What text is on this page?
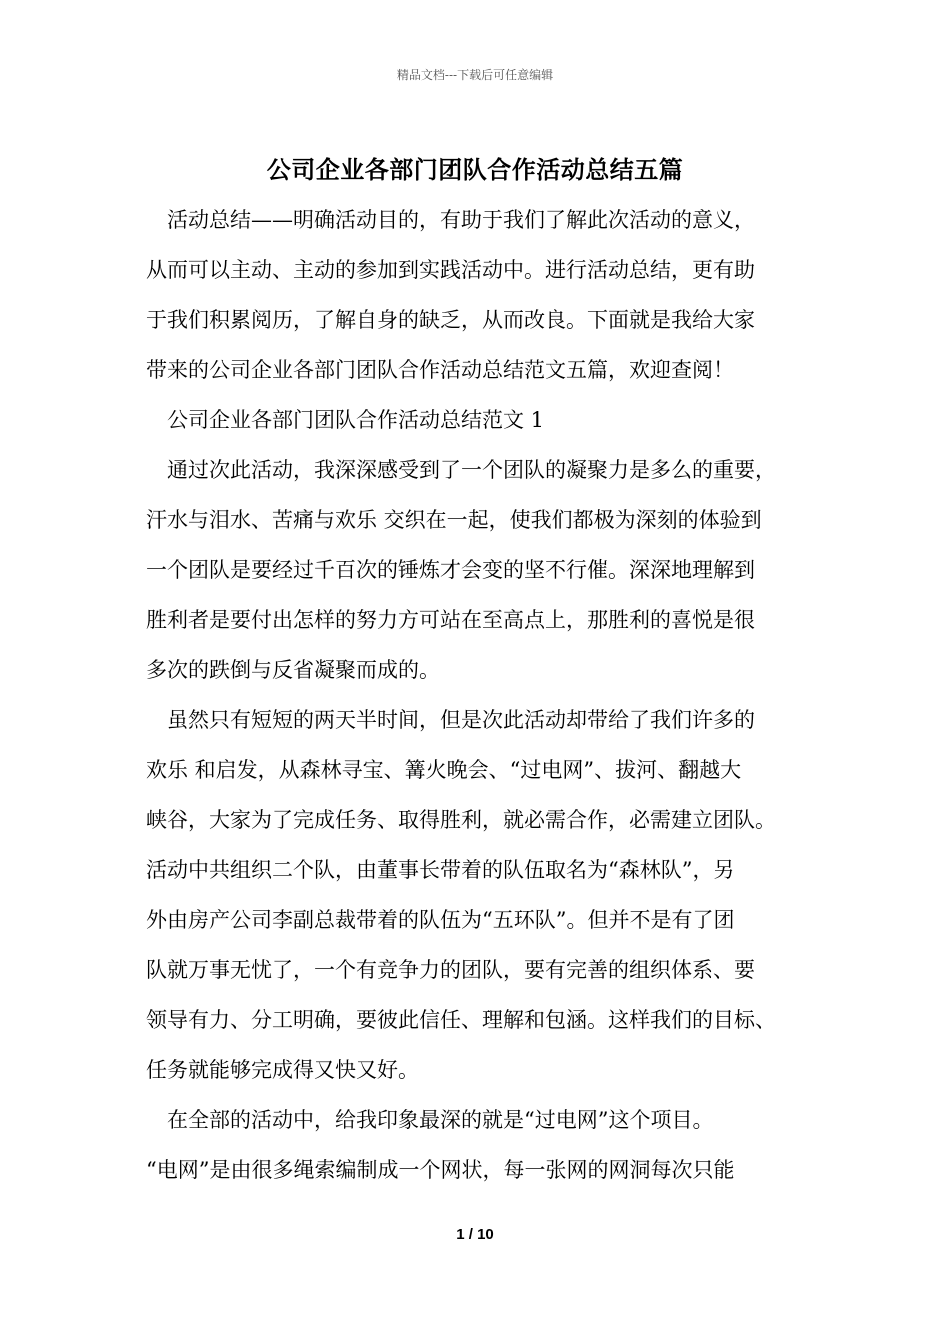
精品文档---下载后可任意编辑
公司企业各部门团队合作活动总结五篇
活动总结——明确活动目的，有助于我们了解此次活动的意义，
从而可以主动、主动的参加到实践活动中。进行活动总结，更有助
于我们积累阅历，了解自身的缺乏，从而改良。下面就是我给大家
带来的公司企业各部门团队合作活动总结范文五篇，欢迎查阅！
公司企业各部门团队合作活动总结范文 1
通过次此活动，我深深感受到了一个团队的凝聚力是多么的重要，
汗水与泪水、苦痛与欢乐 交织在一起，使我们都极为深刻的体验到
一个团队是要经过千百次的锤炼才会变的坚不行催。深深地理解到
胜利者是要付出怎样的努力方可站在至高点上，那胜利的喜悦是很
多次的跌倒与反省凝聚而成的。
虽然只有短短的两天半时间，但是次此活动却带给了我们许多的
欢乐 和启发，从森林寻宝、篝火晚会、“过电网”、拔河、翻越大
峡谷，大家为了完成任务、取得胜利，就必需合作，必需建立团队。
活动中共组织二个队，由董事长带着的队伍取名为“森林队”，另
外由房产公司李副总裁带着的队伍为“五环队”。但并不是有了团
队就万事无忧了，一个有竞争力的团队，要有完善的组织体系、要
领导有力、分工明确，要彼此信任、理解和包涵。这样我们的目标、
任务就能够完成得又快又好。
在全部的活动中，给我印象最深的就是“过电网”这个项目。
“电网”是由很多绳索编制成一个网状，每一张网的网洞每次只能
1 / 10
